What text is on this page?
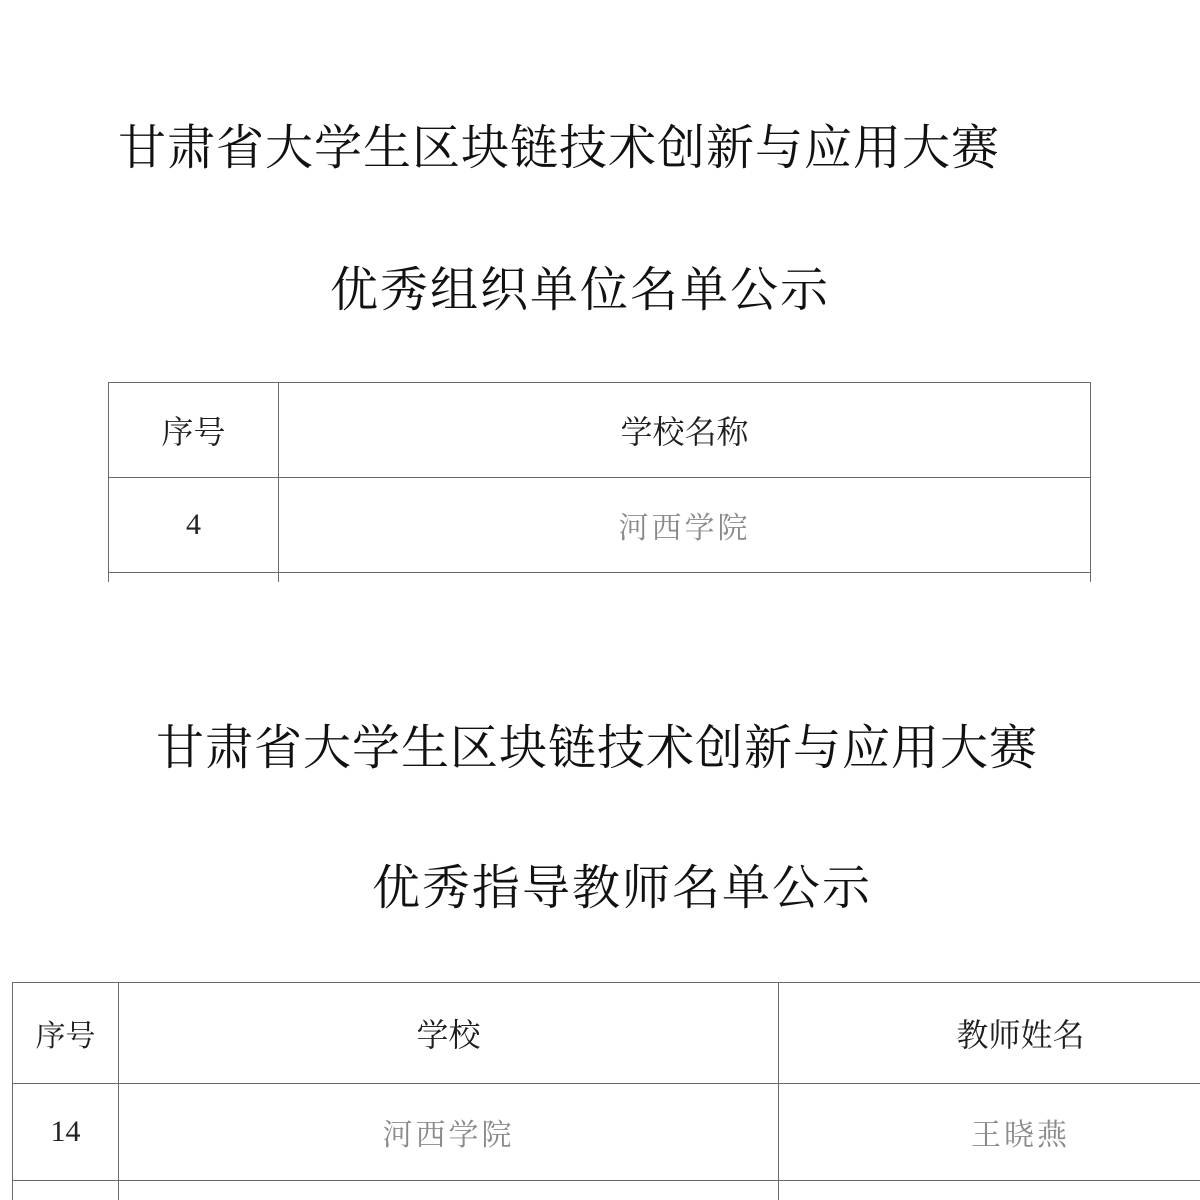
甘肃省大学生区块链技术创新与应用大赛
优秀组织单位名单公示
序号	学校名称
4	河西学院

甘肃省大学生区块链技术创新与应用大赛
优秀指导教师名单公示
序号	学校	教师姓名
14	河西学院	王晓燕
